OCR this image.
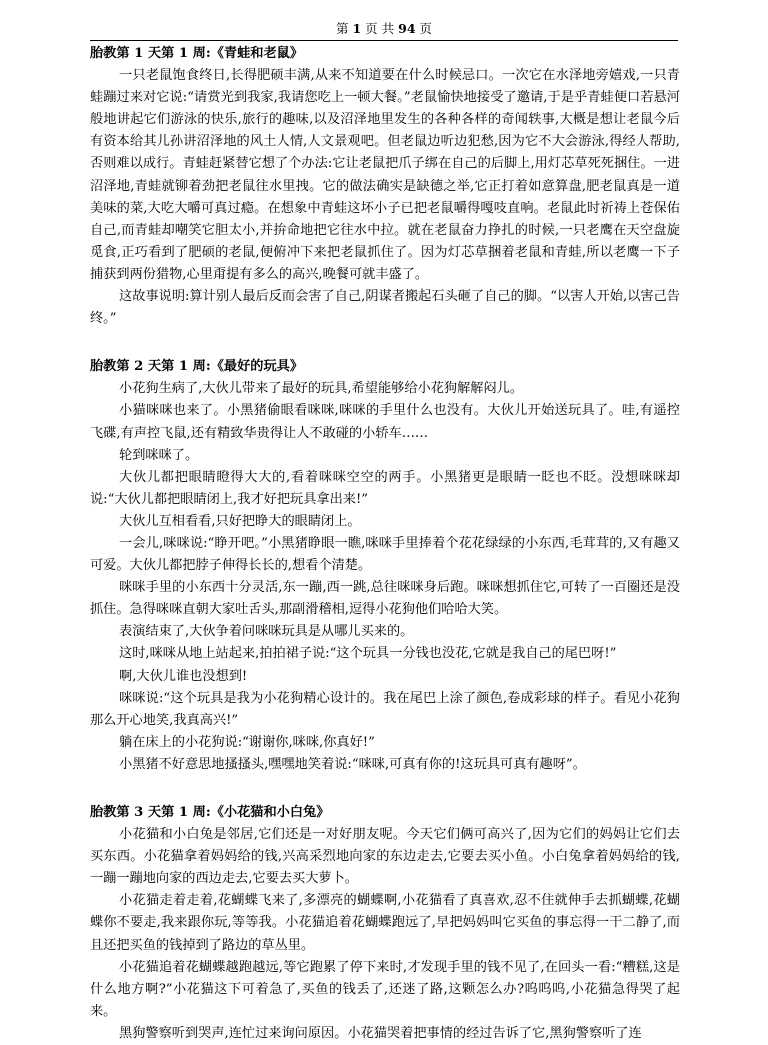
第 1 页 共 94 页
胎教第 1 天第 1 周:《青蛙和老鼠》

一只老鼠饱食终日,长得肥硕丰满,从来不知道要在什么时候忌口。一次它在水泽地旁嬉戏,一只青蛙蹦过来对它说:“请赏光到我家,我请您吃上一顿大餐。”老鼠愉快地接受了邀请,于是乎青蛙便口若悬河般地讲起它们游泳的快乐,旅行的趣味,以及沼泽地里发生的各种各样的奇闻轶事,大概是想让老鼠今后有资本给其儿孙讲沼泽地的风土人情,人文景观吧。但老鼠边听边犯愁,因为它不大会游泳,得经人帮助,否则难以成行。青蛙赶紧替它想了个办法:它让老鼠把爪子绑在自己的后脚上,用灯芯草死死捆住。一进沼泽地,青蛙就铆着劲把老鼠往水里拽。它的做法确实是缺德之举,它正打着如意算盘,肥老鼠真是一道美味的菜,大吃大嚼可真过瘾。在想象中青蛙这坏小子已把老鼠嚼得嘎吱直响。老鼠此时祈祷上苍保佑自己,而青蛙却嘲笑它胆太小,并拚命地把它往水中拉。就在老鼠奋力挣扎的时候,一只老鹰在天空盘旋觅食,正巧看到了肥硕的老鼠,便俯冲下来把老鼠抓住了。因为灯芯草捆着老鼠和青蛙,所以老鹰一下子捕获到两份猎物,心里甭提有多么的高兴,晚餐可就丰盛了。

这故事说明:算计别人最后反而会害了自己,阴谋者搬起石头砸了自己的脚。“以害人开始,以害己告终。”

胎教第 2 天第 1 周:《最好的玩具》

小花狗生病了,大伙儿带来了最好的玩具,希望能够给小花狗解解闷儿。

小猫咪咪也来了。小黑猪偷眼看咪咪,咪咪的手里什么也没有。大伙儿开始送玩具了。哇,有遥控飞碟,有声控飞鼠,还有精致华贵得让人不敢碰的小轿车……

轮到咪咪了。

大伙儿都把眼睛瞪得大大的,看着咪咪空空的两手。小黑猪更是眼睛一眨也不眨。没想咪咪却说:“大伙儿都把眼睛闭上,我才好把玩具拿出来!”

大伙儿互相看看,只好把睁大的眼睛闭上。

一会儿,咪咪说:“睁开吧。”小黑猪睁眼一瞧,咪咪手里捧着个花花绿绿的小东西,毛茸茸的,又有趣又可爱。大伙儿都把脖子伸得长长的,想看个清楚。

咪咪手里的小东西十分灵活,东一蹦,西一跳,总往咪咪身后跑。咪咪想抓住它,可转了一百圈还是没抓住。急得咪咪直朝大家吐舌头,那副滑稽相,逗得小花狗他们哈哈大笑。

表演结束了,大伙争着问咪咪玩具是从哪儿买来的。

这时,咪咪从地上站起来,拍拍裙子说:“这个玩具一分钱也没花,它就是我自己的尾巴呀!”

啊,大伙儿谁也没想到!

咪咪说:“这个玩具是我为小花狗精心设计的。我在尾巴上涂了颜色,卷成彩球的样子。看见小花狗那么开心地笑,我真高兴!”

躺在床上的小花狗说:“谢谢你,咪咪,你真好!”

小黑猪不好意思地搔搔头,嘿嘿地笑着说:“咪咪,可真有你的!这玩具可真有趣呀”。

胎教第 3 天第 1 周:《小花猫和小白兔》

小花猫和小白兔是邻居,它们还是一对好朋友呢。今天它们俩可高兴了,因为它们的妈妈让它们去买东西。小花猫拿着妈妈给的钱,兴高采烈地向家的东边走去,它要去买小鱼。小白兔拿着妈妈给的钱,一蹦一蹦地向家的西边走去,它要去买大萝卜。

小花猫走着走着,花蝴蝶飞来了,多漂亮的蝴蝶啊,小花猫看了真喜欢,忍不住就伸手去抓蝴蝶,花蝴蝶你不要走,我来跟你玩,等等我。小花猫追着花蝴蝶跑远了,早把妈妈叫它买鱼的事忘得一干二静了,而且还把买鱼的钱掉到了路边的草丛里。

小花猫追着花蝴蝶越跑越远,等它跑累了停下来时,才发现手里的钱不见了,在回头一看:“糟糕,这是什么地方啊?”小花猫这下可着急了,买鱼的钱丢了,还迷了路,这颗怎么办?呜呜呜,小花猫急得哭了起来。

黑狗警察听到哭声,连忙过来询问原因。小花猫哭着把事情的经过告诉了它,黑狗警察听了连
